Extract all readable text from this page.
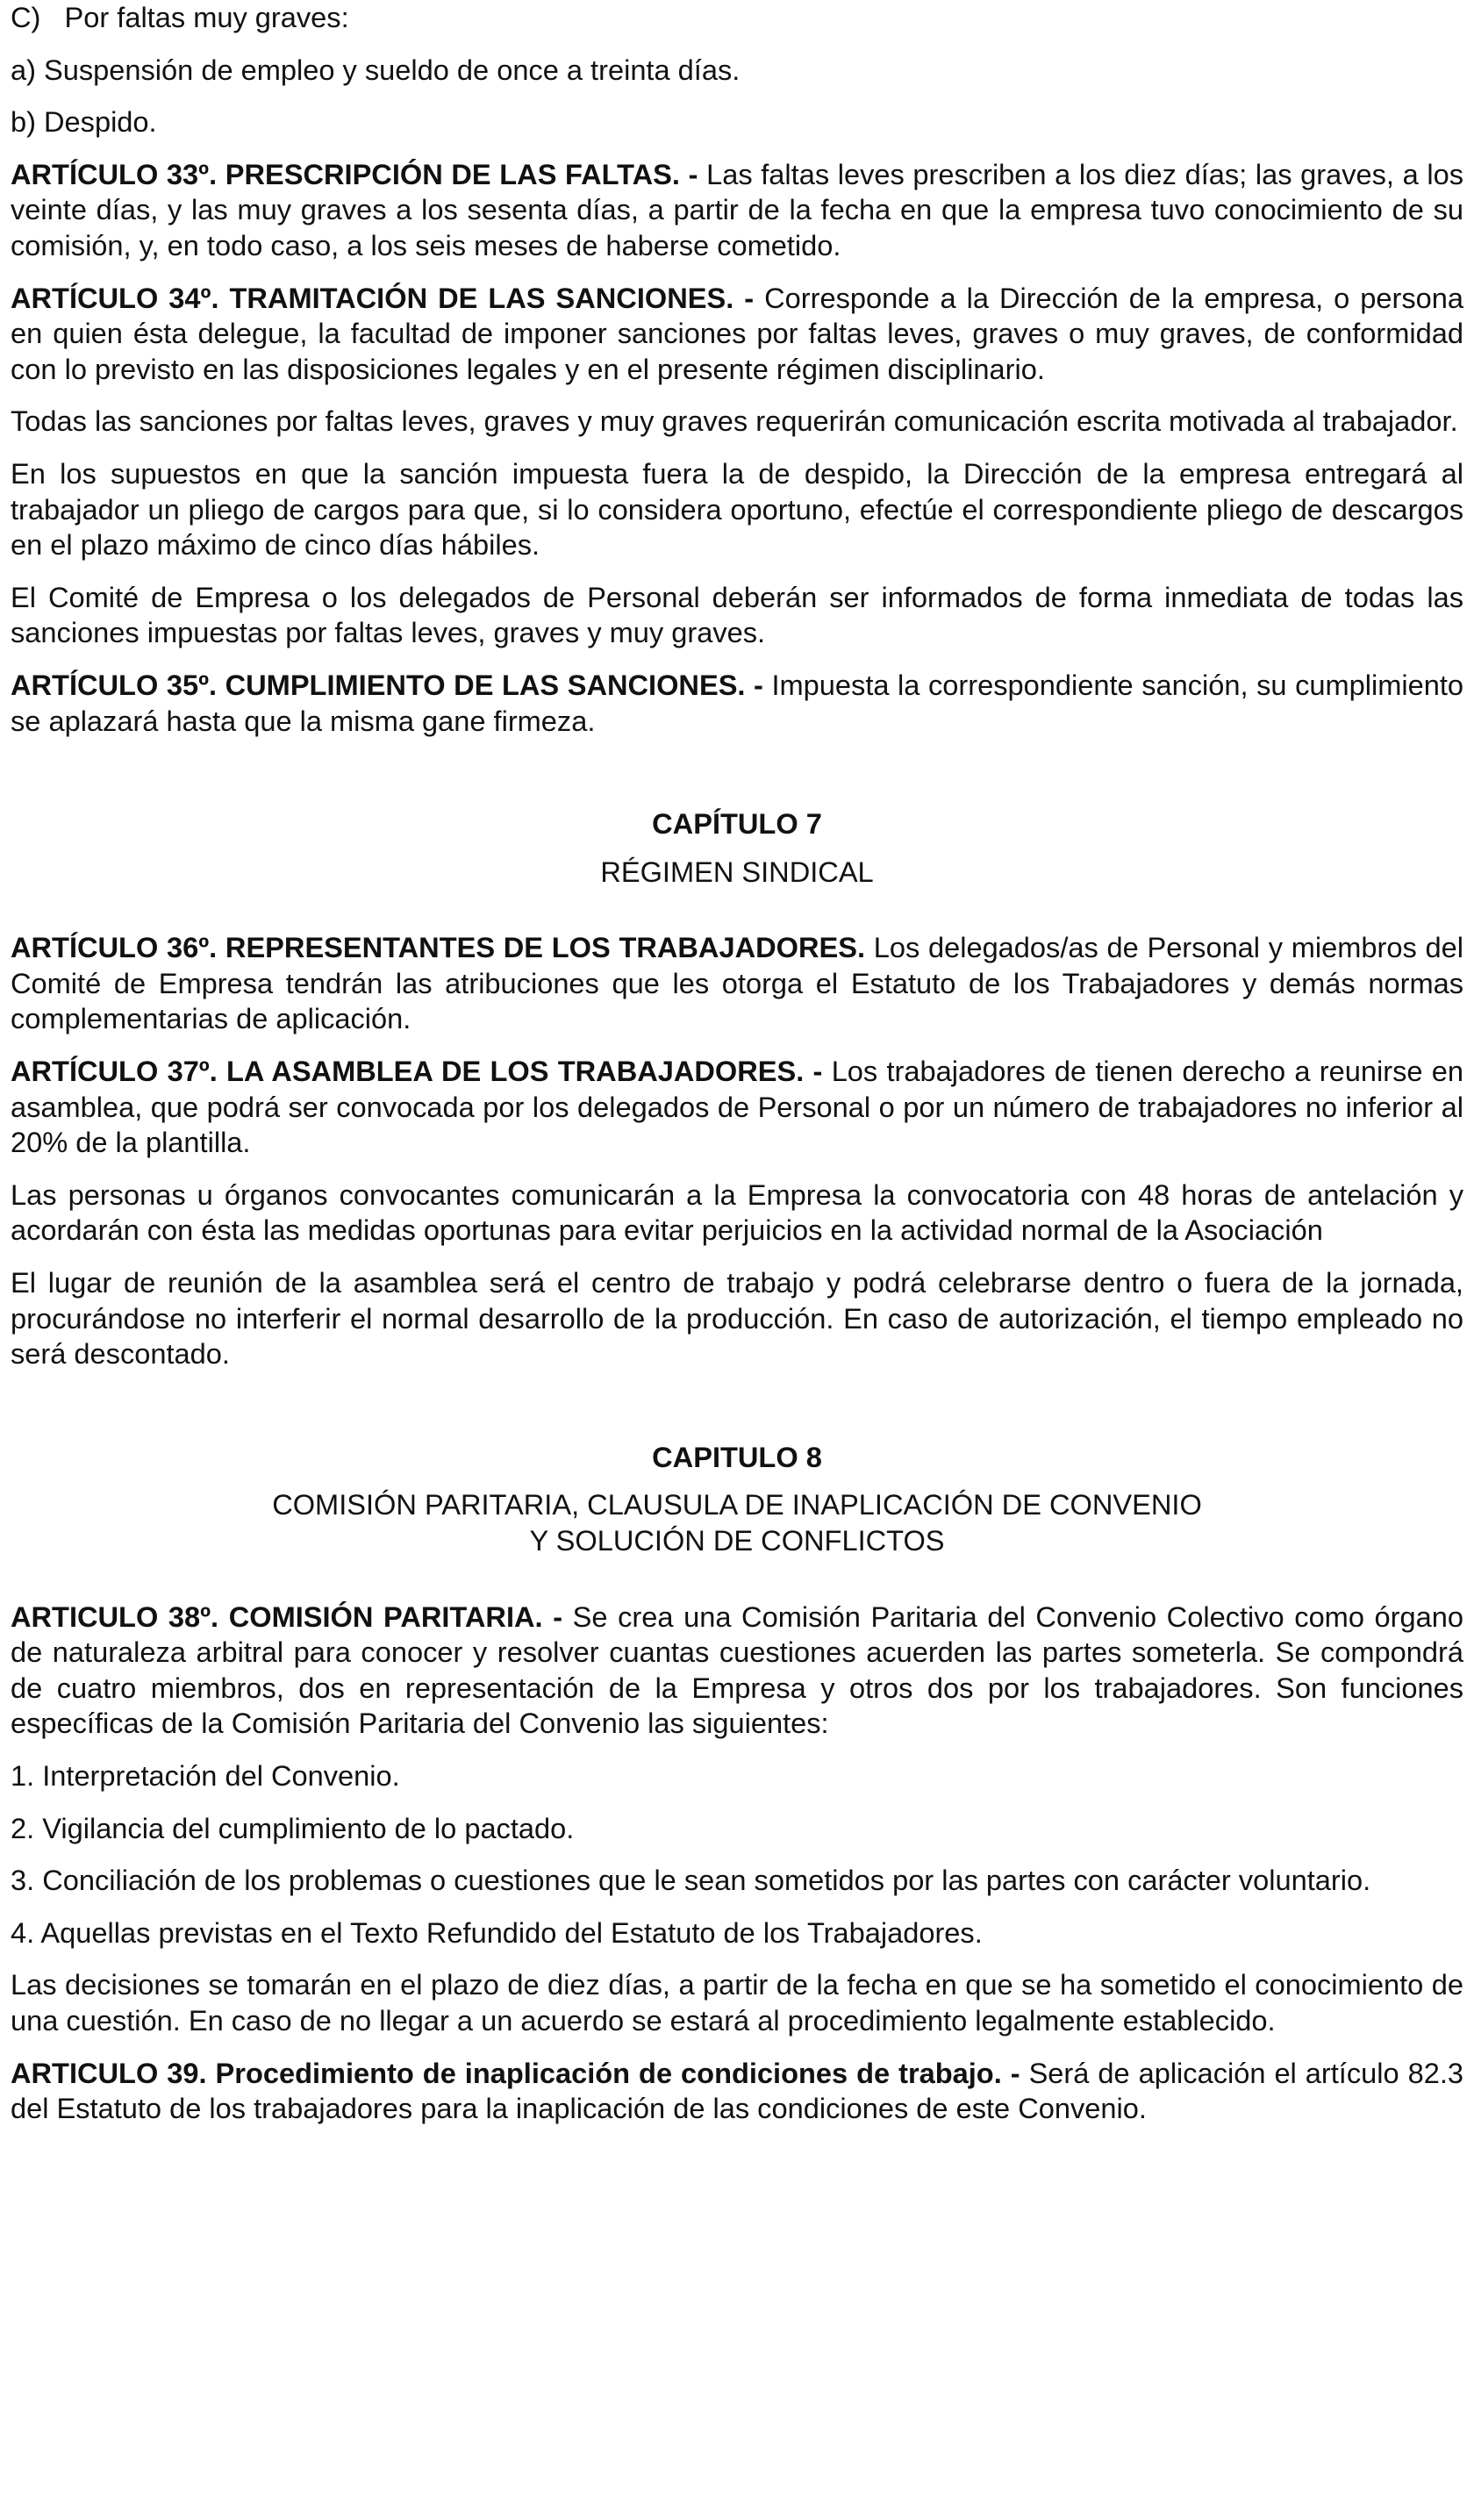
C)   Por faltas muy graves:

a) Suspensión de empleo y sueldo de once a treinta días.

b) Despido.

ARTÍCULO 33º. PRESCRIPCIÓN DE LAS FALTAS. - Las faltas leves prescriben a los diez días; las graves, a los veinte días, y las muy graves a los sesenta días, a partir de la fecha en que la empresa tuvo conocimiento de su comisión, y, en todo caso, a los seis meses de haberse cometido.

ARTÍCULO 34º. TRAMITACIÓN DE LAS SANCIONES. - Corresponde a la Dirección de la empresa, o persona en quien ésta delegue, la facultad de imponer sanciones por faltas leves, graves o muy graves, de conformidad con lo previsto en las disposiciones legales y en el presente régimen disciplinario.

Todas las sanciones por faltas leves, graves y muy graves requerirán comunicación escrita motivada al trabajador.

En los supuestos en que la sanción impuesta fuera la de despido, la Dirección de la empresa entregará al trabajador un pliego de cargos para que, si lo considera oportuno, efectúe el correspondiente pliego de descargos en el plazo máximo de cinco días hábiles.

El Comité de Empresa o los delegados de Personal deberán ser informados de forma inmediata de todas las sanciones impuestas por faltas leves, graves y muy graves.

ARTÍCULO 35º. CUMPLIMIENTO DE LAS SANCIONES. - Impuesta la correspondiente sanción, su cumplimiento se aplazará hasta que la misma gane firmeza.

CAPÍTULO 7

RÉGIMEN SINDICAL

ARTÍCULO 36º. REPRESENTANTES DE LOS TRABAJADORES. Los delegados/as de Personal y miembros del Comité de Empresa tendrán las atribuciones que les otorga el Estatuto de los Trabajadores y demás normas complementarias de aplicación.

ARTÍCULO 37º. LA ASAMBLEA DE LOS TRABAJADORES. - Los trabajadores de tienen derecho a reunirse en asamblea, que podrá ser convocada por los delegados de Personal o por un número de trabajadores no inferior al 20% de la plantilla.

Las personas u órganos convocantes comunicarán a la Empresa la convocatoria con 48 horas de antelación y acordarán con ésta las medidas oportunas para evitar perjuicios en la actividad normal de la Asociación

El lugar de reunión de la asamblea será el centro de trabajo y podrá celebrarse dentro o fuera de la jornada, procurándose no interferir el normal desarrollo de la producción. En caso de autorización, el tiempo empleado no será descontado.

CAPITULO 8

COMISIÓN PARITARIA, CLAUSULA DE INAPLICACIÓN DE CONVENIO

Y SOLUCIÓN DE CONFLICTOS

ARTICULO 38º. COMISIÓN PARITARIA. - Se crea una Comisión Paritaria del Convenio Colectivo como órgano de naturaleza arbitral para conocer y resolver cuantas cuestiones acuerden las partes someterla. Se compondrá de cuatro miembros, dos en representación de la Empresa y otros dos por los trabajadores. Son funciones específicas de la Comisión Paritaria del Convenio las siguientes:

1. Interpretación del Convenio.

2. Vigilancia del cumplimiento de lo pactado.

3. Conciliación de los problemas o cuestiones que le sean sometidos por las partes con carácter voluntario.

4. Aquellas previstas en el Texto Refundido del Estatuto de los Trabajadores.

Las decisiones se tomarán en el plazo de diez días, a partir de la fecha en que se ha sometido el conocimiento de una cuestión. En caso de no llegar a un acuerdo se estará al procedimiento legalmente establecido.

ARTICULO 39. Procedimiento de inaplicación de condiciones de trabajo. - Será de aplicación el artículo 82.3 del Estatuto de los trabajadores para la inaplicación de las condiciones de este Convenio.
